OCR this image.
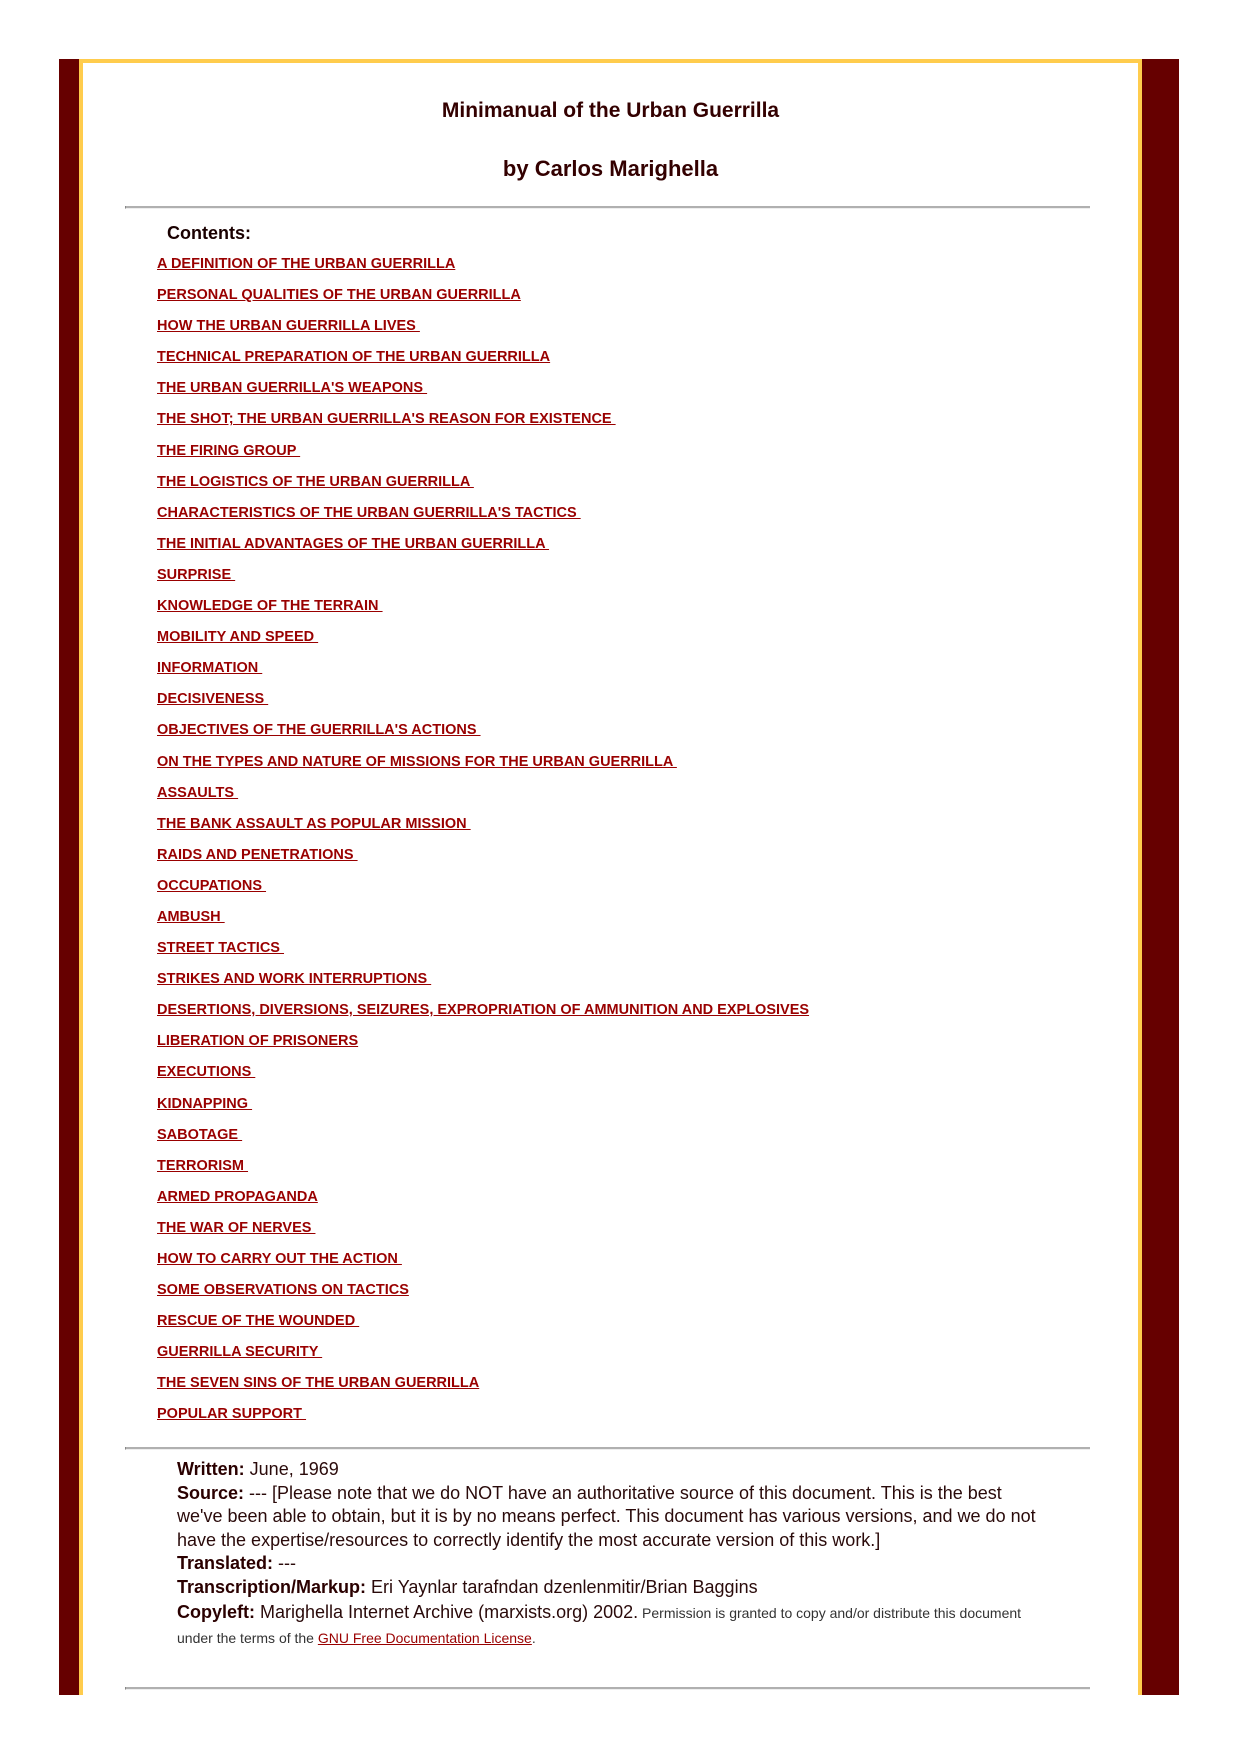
Minimanual of the Urban Guerrilla
by Carlos Marighella
Contents:
A DEFINITION OF THE URBAN GUERRILLA
PERSONAL QUALITIES OF THE URBAN GUERRILLA
HOW THE URBAN GUERRILLA LIVES
TECHNICAL PREPARATION OF THE URBAN GUERRILLA
THE URBAN GUERRILLA'S WEAPONS
THE SHOT; THE URBAN GUERRILLA'S REASON FOR EXISTENCE
THE FIRING GROUP
THE LOGISTICS OF THE URBAN GUERRILLA
CHARACTERISTICS OF THE URBAN GUERRILLA'S TACTICS
THE INITIAL ADVANTAGES OF THE URBAN GUERRILLA
SURPRISE
KNOWLEDGE OF THE TERRAIN
MOBILITY AND SPEED
INFORMATION
DECISIVENESS
OBJECTIVES OF THE GUERRILLA'S ACTIONS
ON THE TYPES AND NATURE OF MISSIONS FOR THE URBAN GUERRILLA
ASSAULTS
THE BANK ASSAULT AS POPULAR MISSION
RAIDS AND PENETRATIONS
OCCUPATIONS
AMBUSH
STREET TACTICS
STRIKES AND WORK INTERRUPTIONS
DESERTIONS, DIVERSIONS, SEIZURES, EXPROPRIATION OF AMMUNITION AND EXPLOSIVES
LIBERATION OF PRISONERS
EXECUTIONS
KIDNAPPING
SABOTAGE
TERRORISM
ARMED PROPAGANDA
THE WAR OF NERVES
HOW TO CARRY OUT THE ACTION
SOME OBSERVATIONS ON TACTICS
RESCUE OF THE WOUNDED
GUERRILLA SECURITY
THE SEVEN SINS OF THE URBAN GUERRILLA
POPULAR SUPPORT
Written: June, 1969
Source: --- [Please note that we do NOT have an authoritative source of this document. This is the best we've been able to obtain, but it is by no means perfect. This document has various versions, and we do not have the expertise/resources to correctly identify the most accurate version of this work.]
Translated: ---
Transcription/Markup: Eri Yaynlar tarafndan dzenlenmitir/Brian Baggins
Copyleft: Marighella Internet Archive (marxists.org) 2002. Permission is granted to copy and/or distribute this document under the terms of the GNU Free Documentation License.
